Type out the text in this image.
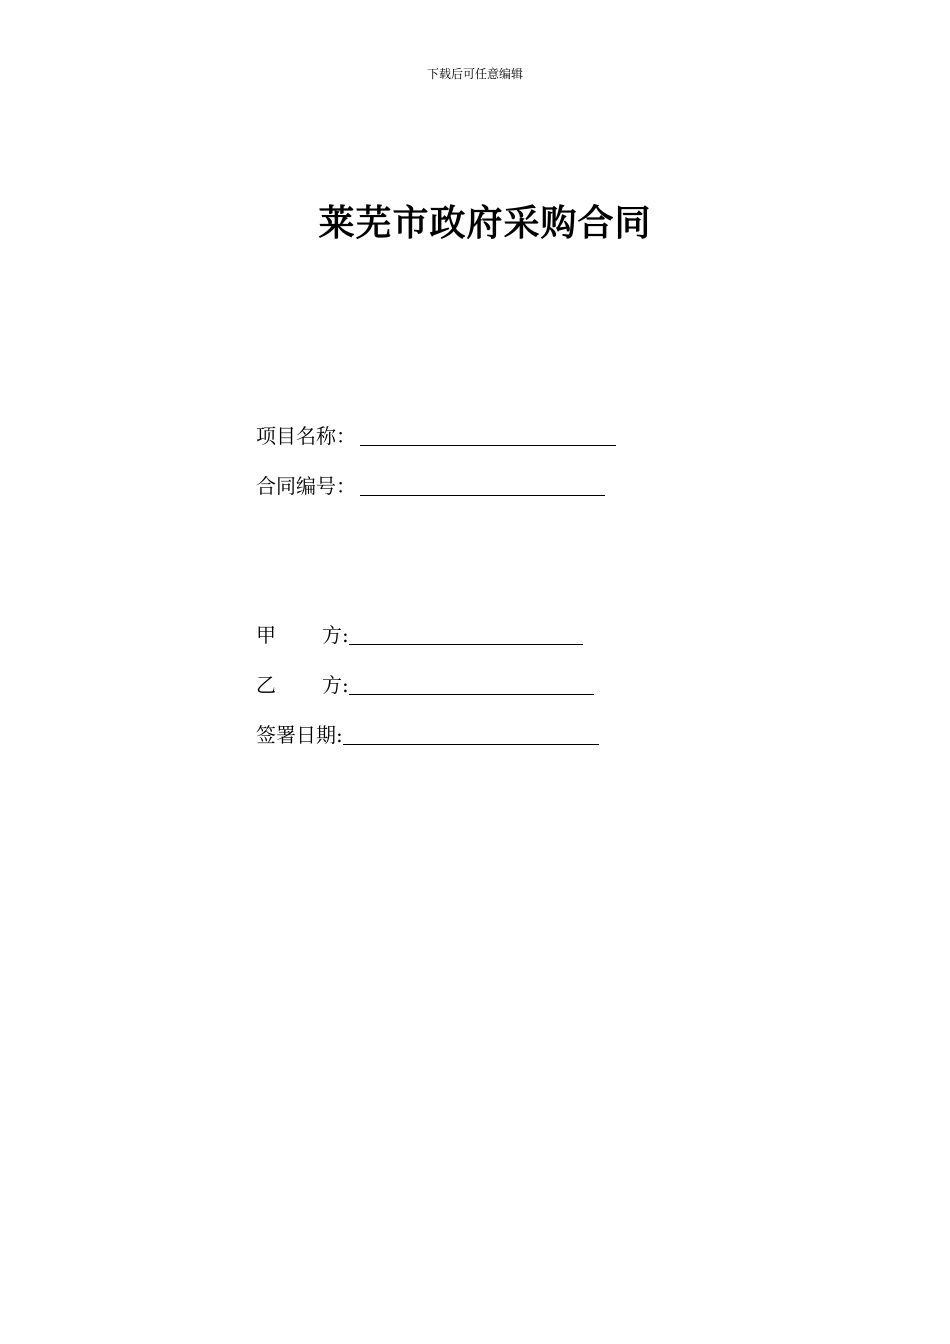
下载后可任意编辑
莱芜市政府采购合同
项目名称 ：
合同编号 ：
甲方 :
乙方 :
签署日期 :
